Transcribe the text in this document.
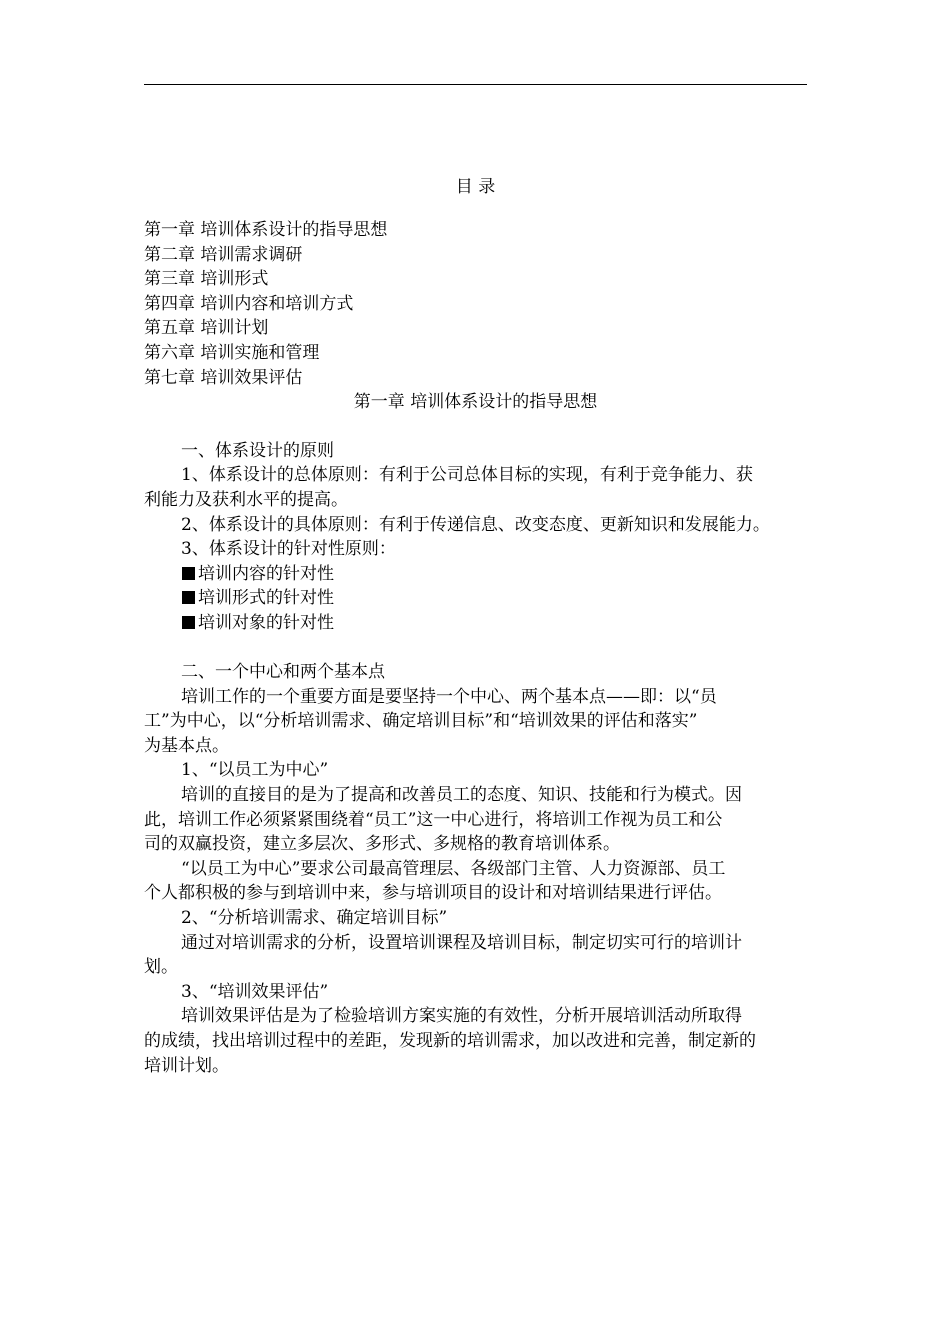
目 录
第一章 培训体系设计的指导思想
第二章 培训需求调研
第三章 培训形式
第四章 培训内容和培训方式
第五章 培训计划
第六章 培训实施和管理
第七章 培训效果评估
第一章 培训体系设计的指导思想
一、体系设计的原则
1、体系设计的总体原则：有利于公司总体目标的实现，有利于竞争能力、获
利能力及获利水平的提高。
2、体系设计的具体原则：有利于传递信息、改变态度、更新知识和发展能力。
3、体系设计的针对性原则：
培训内容的针对性
培训形式的针对性
培训对象的针对性
二、一个中心和两个基本点
培训工作的一个重要方面是要坚持一个中心、两个基本点——即：以“员
工”为中心，以“分析培训需求、确定培训目标”和“培训效果的评估和落实”
为基本点。
1、“以员工为中心”
培训的直接目的是为了提高和改善员工的态度、知识、技能和行为模式。因
此，培训工作必须紧紧围绕着“员工”这一中心进行，将培训工作视为员工和公
司的双赢投资，建立多层次、多形式、多规格的教育培训体系。
“以员工为中心”要求公司最高管理层、各级部门主管、人力资源部、员工
个人都积极的参与到培训中来，参与培训项目的设计和对培训结果进行评估。
2、“分析培训需求、确定培训目标”
通过对培训需求的分析，设置培训课程及培训目标，制定切实可行的培训计
划。
3、“培训效果评估”
培训效果评估是为了检验培训方案实施的有效性，分析开展培训活动所取得
的成绩，找出培训过程中的差距，发现新的培训需求，加以改进和完善，制定新的
培训计划。
